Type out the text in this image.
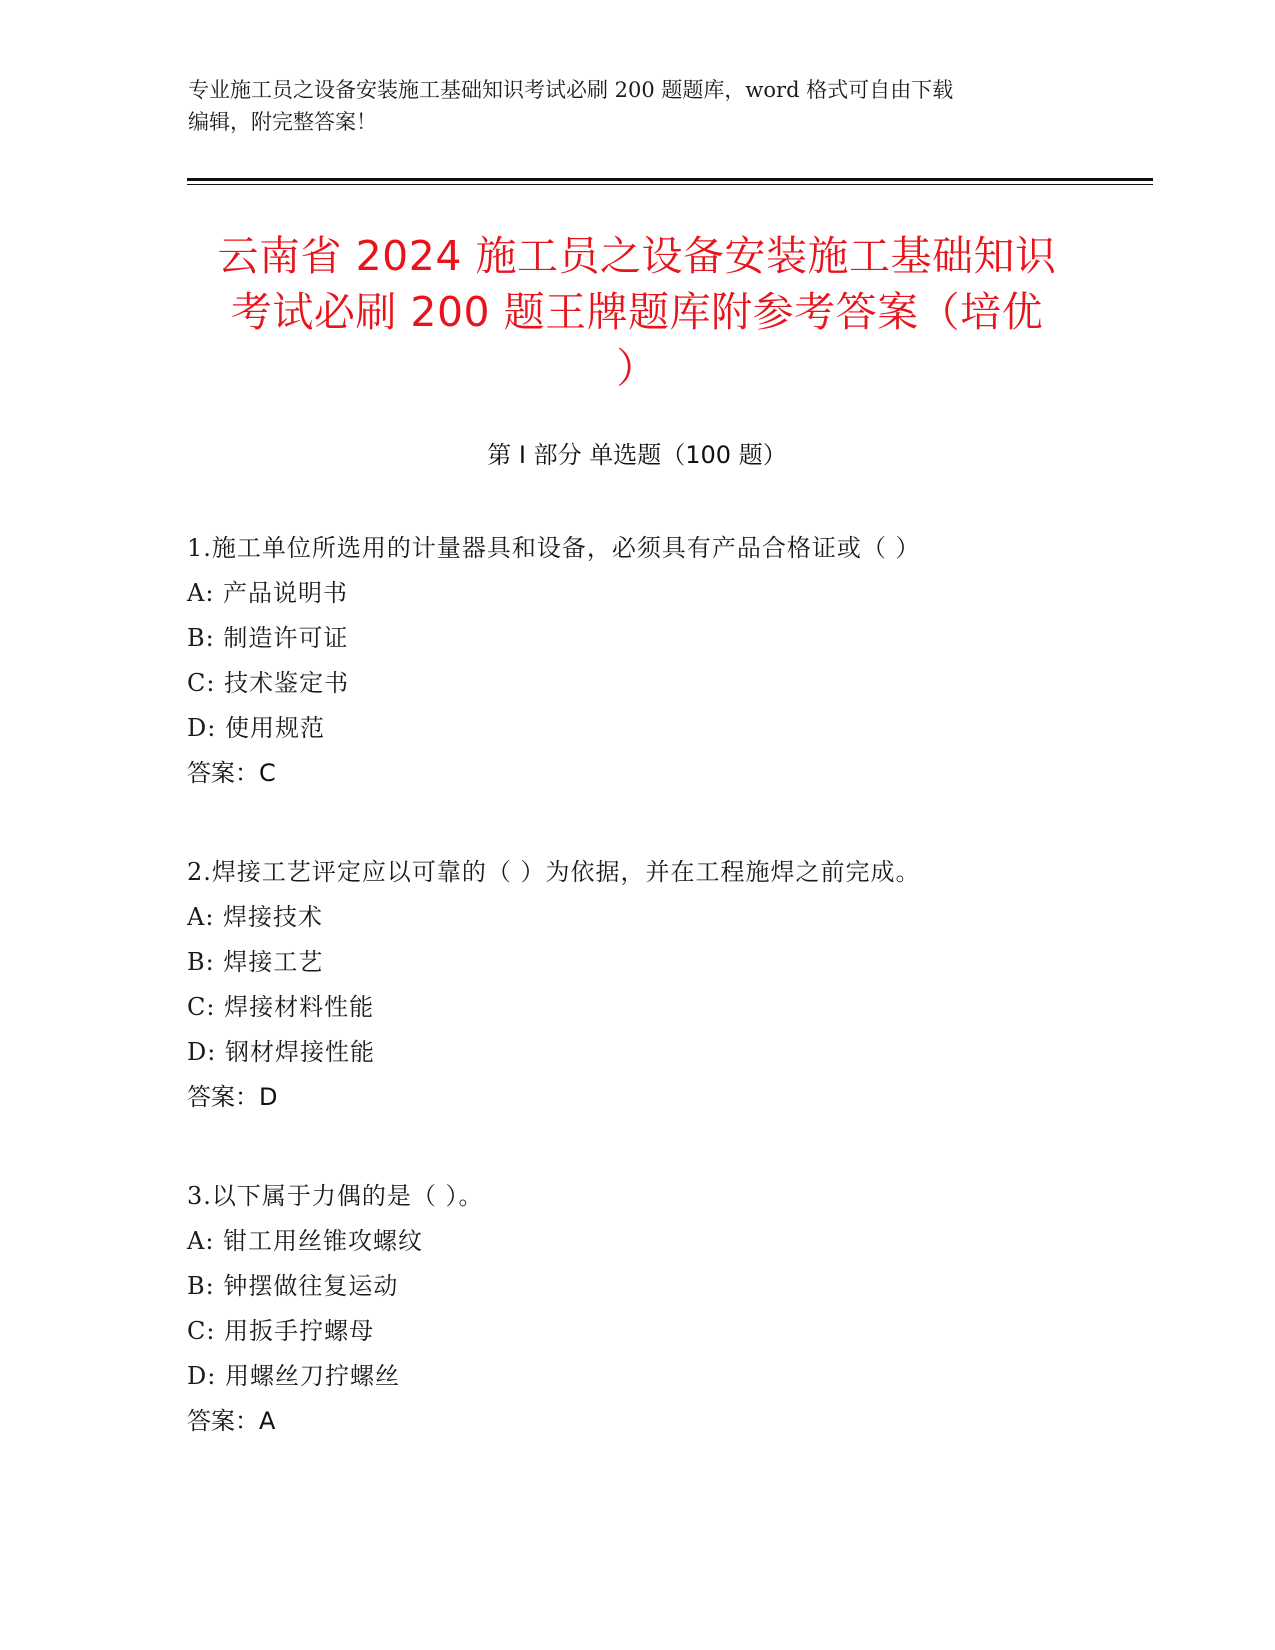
专业施工员之设备安装施工基础知识考试必刷 200 题题库，word 格式可自由下载
编辑，附完整答案！
云南省 2024 施工员之设备安装施工基础知识
考试必刷 200 题王牌题库附参考答案（培优
）
第 I 部分 单选题（100 题）
1.施工单位所选用的计量器具和设备，必须具有产品合格证或（ ）
A: 产品说明书
B: 制造许可证
C: 技术鉴定书
D: 使用规范
答案：C
2.焊接工艺评定应以可靠的（ ）为依据，并在工程施焊之前完成。
A: 焊接技术
B: 焊接工艺
C: 焊接材料性能
D: 钢材焊接性能
答案：D
3.以下属于力偶的是（ ）。
A: 钳工用丝锥攻螺纹
B: 钟摆做往复运动
C: 用扳手拧螺母
D: 用螺丝刀拧螺丝
答案：A
